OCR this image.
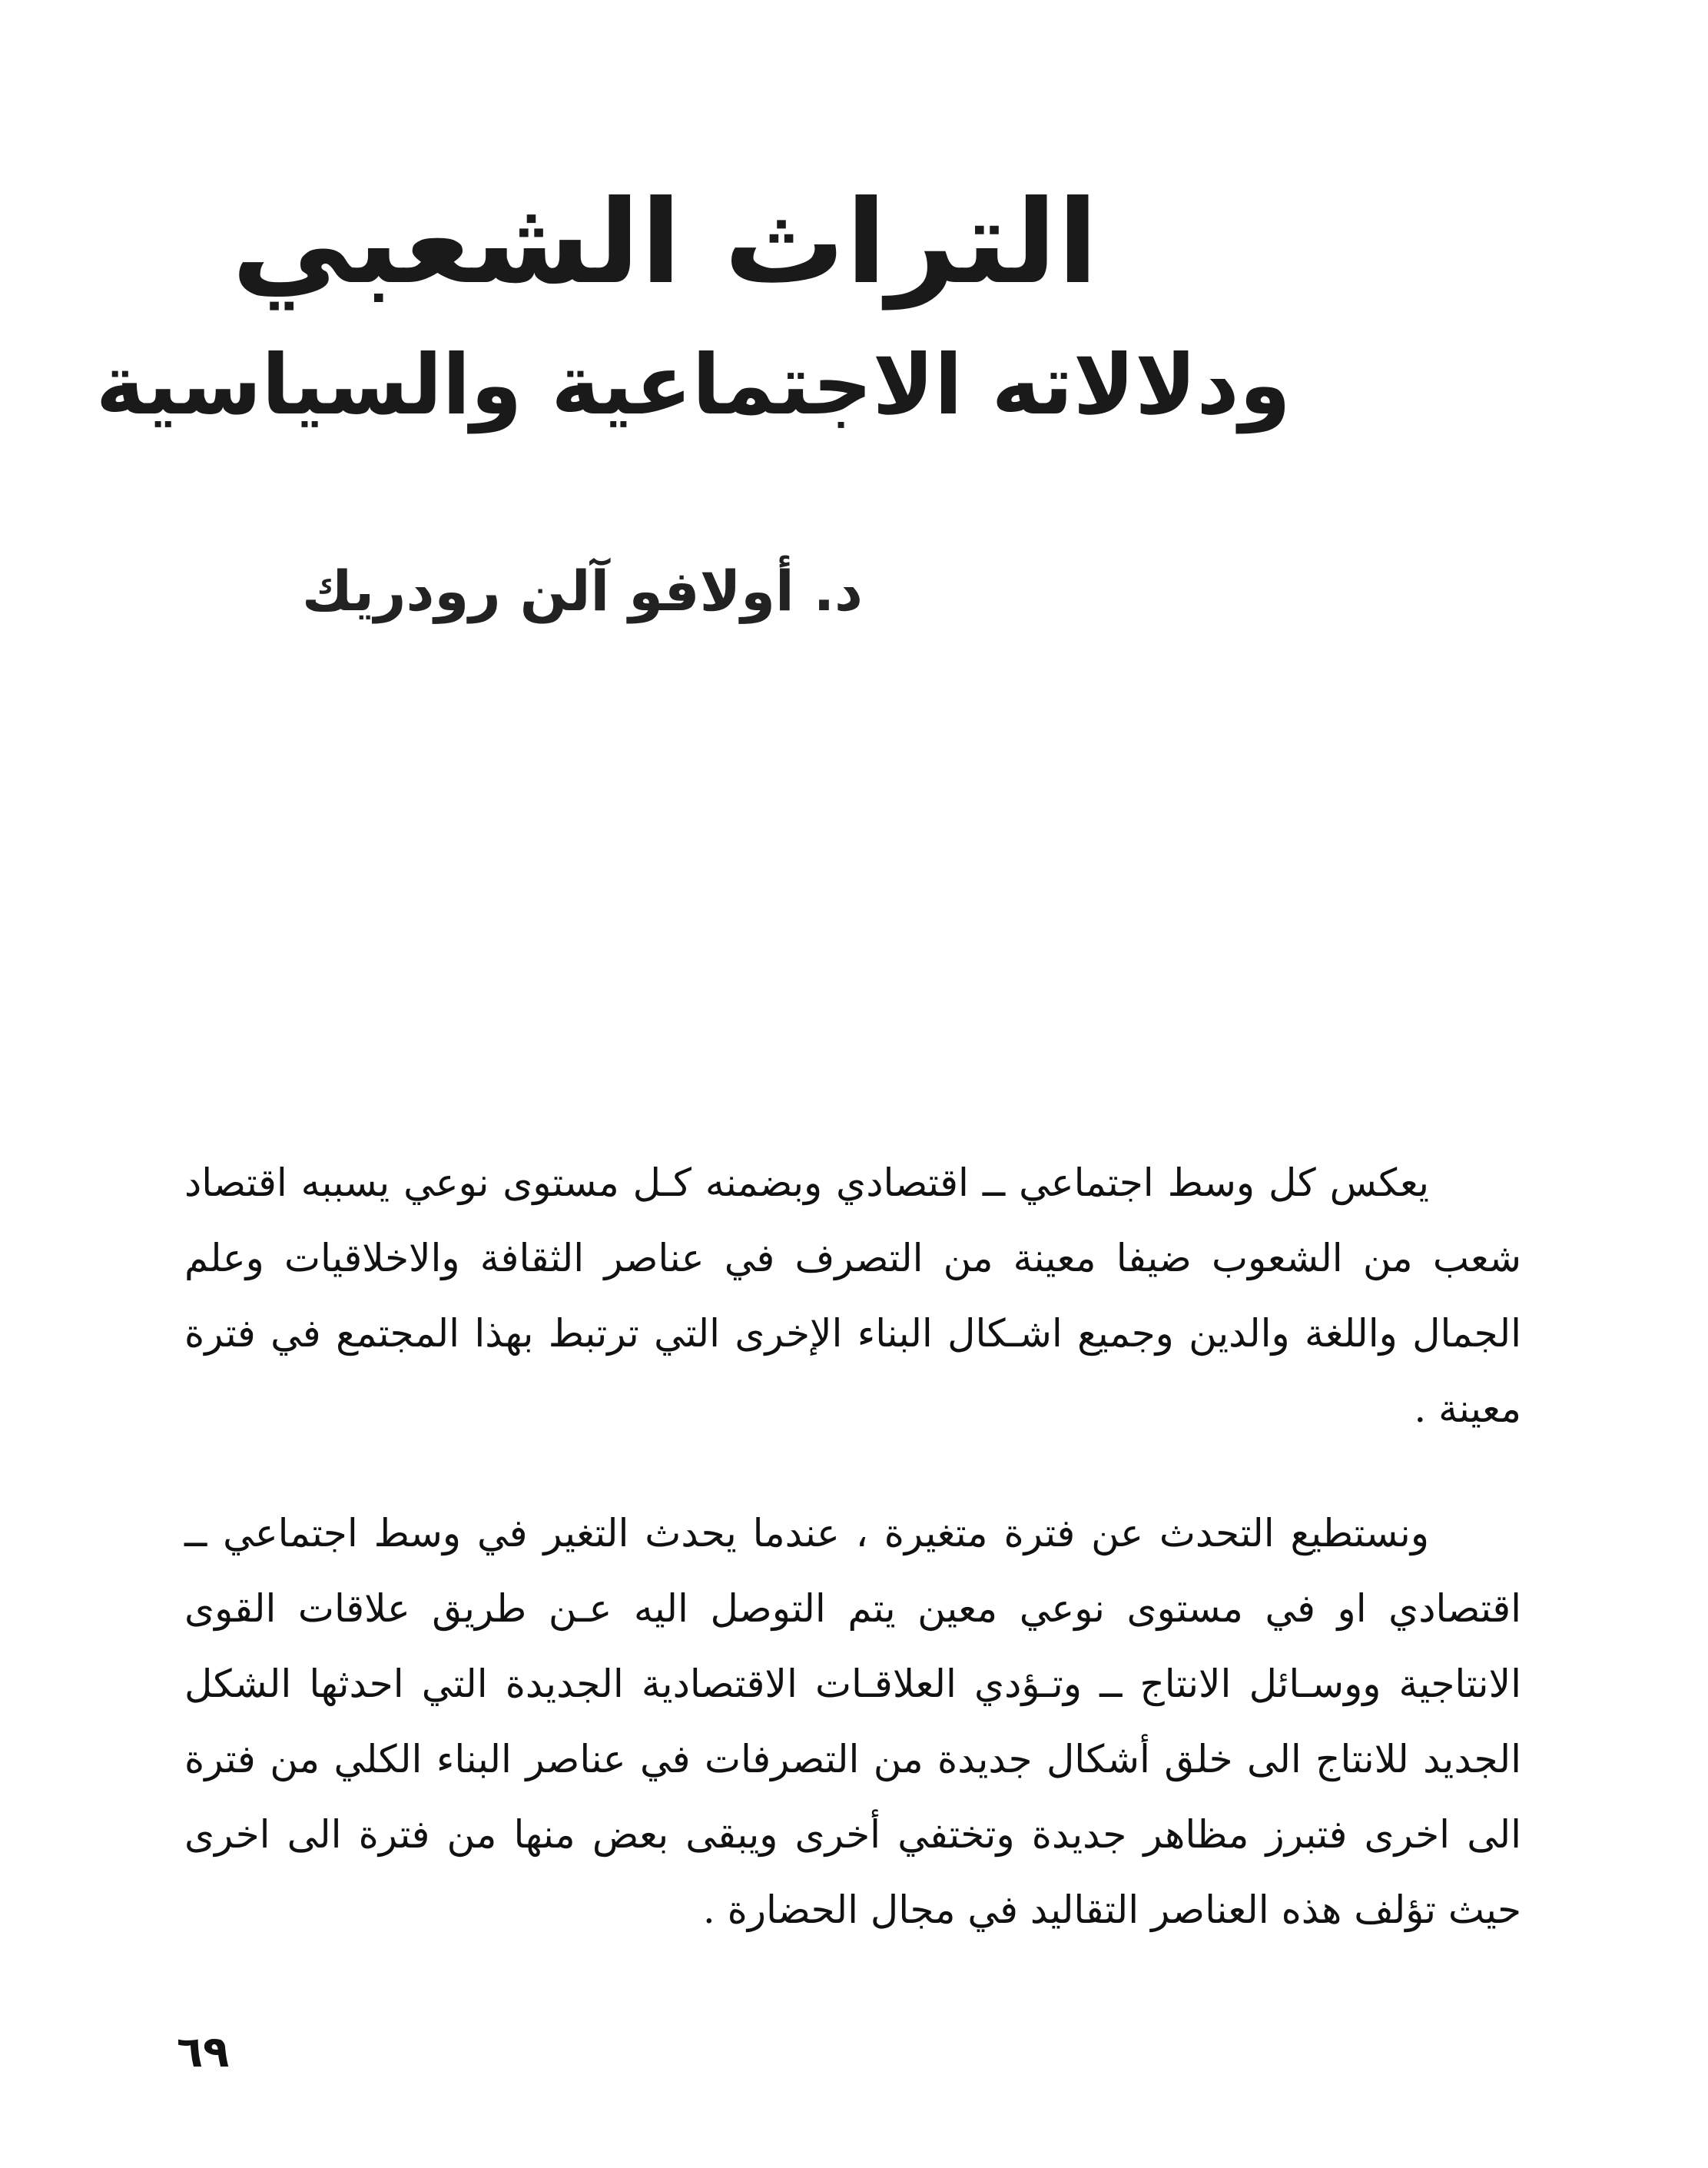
التراث الشعبي
ودلالاته الاجتماعية والسياسية
د. أولافو آلن رودريك

يعكس كل وسط اجتماعي ــ اقتصادي وبضمنه كـل مستوى نوعي يسببه اقتصاد شعب من الشعوب ضيفا معينة من التصرف في عناصر الثقافة والاخلاقيات وعلم الجمال واللغة والدين وجميع اشـكال البناء الإخرى التي ترتبط بهذا المجتمع في فترة معينة .

ونستطيع التحدث عن فترة متغيرة ، عندما يحدث التغير في وسط اجتماعي ــ اقتصادي او في مستوى نوعي معين يتم التوصل اليه عـن طريق علاقات القوى الانتاجية ووسـائل الانتاج ــ وتـؤدي العلاقـات الاقتصادية الجديدة التي احدثها الشكل الجديد للانتاج الى خلق أشكال جديدة من التصرفات في عناصر البناء الكلي من فترة الى اخرى فتبرز مظاهر جديدة وتختفي أخرى ويبقى بعض منها من فترة الى اخرى حيث تؤلف هذه العناصر التقاليد في مجال الحضارة .

٦٩
